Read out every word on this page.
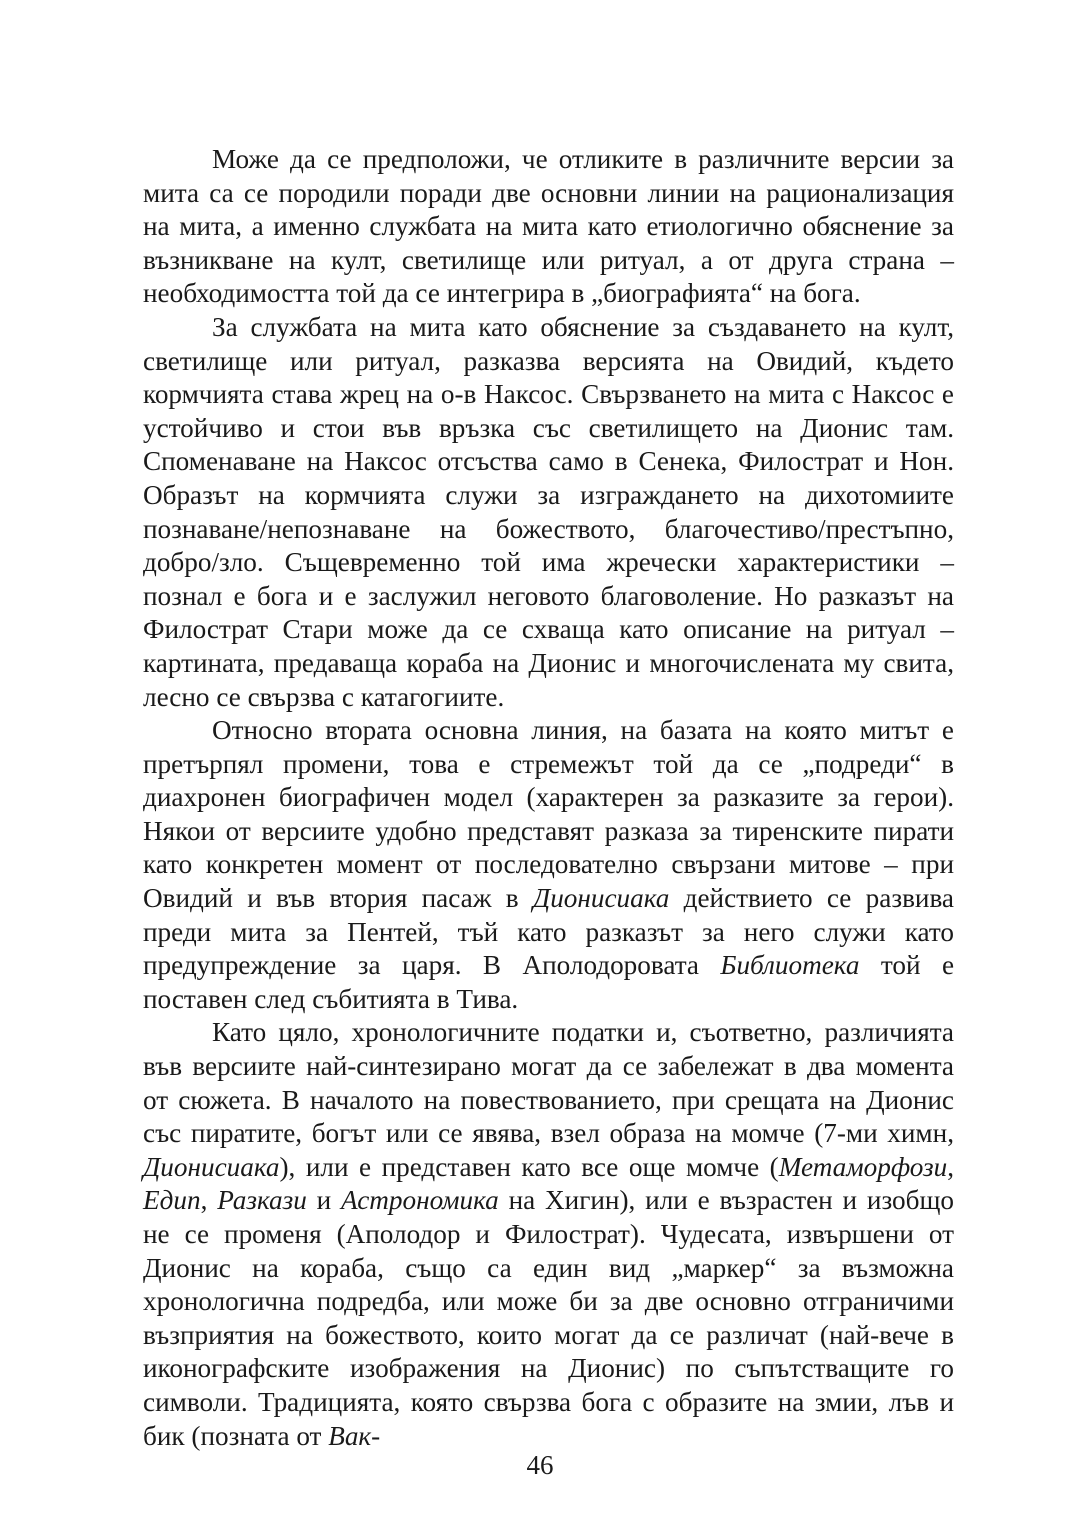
Може да се предположи, че отликите в различните версии за мита са се породили поради две основни линии на рационализация на мита, а именно службата на мита като етиологично обяснение за възникване на култ, светилище или ритуал, а от друга страна – необходимостта той да се интегрира в „биографията“ на бога.

За службата на мита като обяснение за създаването на култ, светилище или ритуал, разказва версията на Овидий, където кормчията става жрец на о-в Наксос. Свързването на мита с Наксос е устойчиво и стои във връзка със светилището на Дионис там. Споменаване на Наксос отсъства само в Сенека, Филострат и Нон. Образът на кормчията служи за изграждането на дихотомиите познаване/непознаване на божеството, благочестиво/престъпно, добро/зло. Същевременно той има жречески характеристики – познал е бога и е заслужил неговото благоволение. Но разказът на Филострат Стари може да се схваща като описание на ритуал – картината, предаваща кораба на Дионис и многочислената му свита, лесно се свързва с катагогиите.

Относно втората основна линия, на базата на която митът е претърпял промени, това е стремежът той да се „подреди“ в диахронен биографичен модел (характерен за разказите за герои). Някои от версиите удобно представят разказа за тиренските пирати като конкретен момент от последователно свързани митове – при Овидий и във втория пасаж в Дионисиака действието се развива преди мита за Пентей, тъй като разказът за него служи като предупреждение за царя. В Аполодоровата Библиотека той е поставен след събитията в Тива.

Като цяло, хронологичните податки и, съответно, различията във версиите най-синтезирано могат да се забележат в два момента от сюжета. В началото на повествованието, при срещата на Дионис със пиратите, богът или се явява, взел образа на момче (7-ми химн, Дионисиака), или е представен като все още момче (Метаморфози, Едип, Разкази и Астрономика на Хигин), или е възрастен и изобщо не се променя (Аполодор и Филострат). Чудесата, извършени от Дионис на кораба, също са един вид „маркер“ за възможна хронологична подредба, или може би за две основно отграничими възприятия на божеството, които могат да се различат (най-вече в иконографските изображения на Дионис) по съпътстващите го символи. Традицията, която свързва бога с образите на змии, лъв и бик (позната от Вак-

46
